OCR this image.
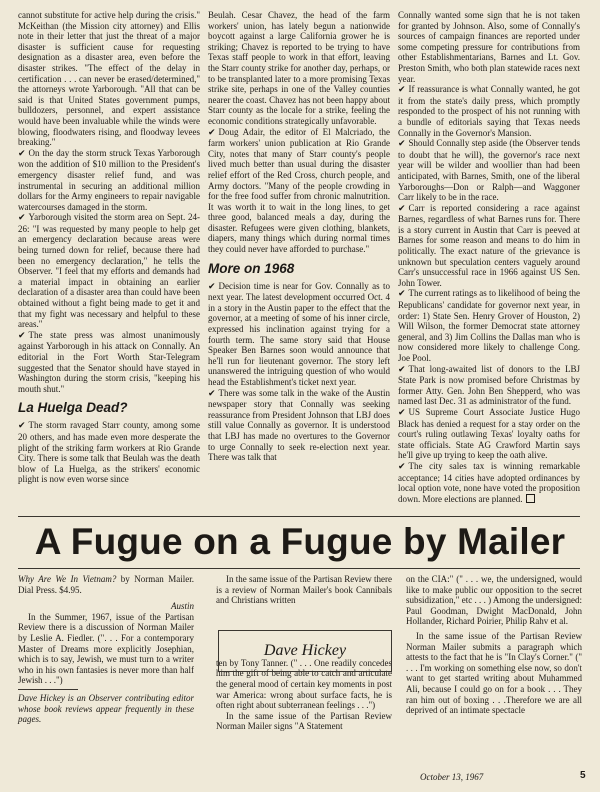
cannot substitute for active help during the crisis." McKeithan (the Mission city attorney) and Ellis note in their letter that just the threat of a major disaster is sufficient cause for requesting designation as a disaster area, even before the disaster strikes. "The effect of the delay in certification . . . can never be erased/determined," the attorneys wrote Yarborough. "All that can be said is that United States government pumps, bulldozers, personnel, and expert assistance would have been invaluable while the winds were blowing, floodwaters rising, and floodway levees breaking."

✔ On the day the storm struck Texas Yarborough won the addition of $10 million to the President's emergency disaster relief fund, and was instrumental in securing an additional million dollars for the Army engineers to repair navigable watercourses damaged in the storm.

✔ Yarborough visited the storm area on Sept. 24-26: "I was requested by many people to help get an emergency declaration because areas were being turned down for relief, because there had been no emergency declaration," he tells the Observer. "I feel that my efforts and demands had a material impact in obtaining an earlier declaration of a disaster area than could have been obtained without a fight being made to get it and that my fight was necessary and helpful to these areas."

✔ The state press was almost unanimously against Yarborough in his attack on Connally. An editorial in the Fort Worth Star-Telegram suggested that the Senator should have stayed in Washington during the storm crisis, "keeping his mouth shut."

La Huelga Dead?

✔ The storm ravaged Starr county, among some 20 others, and has made even more desperate the plight of the striking farm workers at Rio Grande City. There is some talk that Beulah was the death blow of La Huelga, as the strikers' economic plight is now even worse since

Beulah. Cesar Chavez, the head of the farm workers' union, has lately begun a nationwide boycott against a large California grower he is striking; Chavez is reported to be trying to have Texas staff people to work in that effort, leaving the Starr county strike for another day, perhaps, or to be transplanted later to a more promising Texas strike site, perhaps in one of the Valley counties nearer the coast. Chavez has not been happy about Starr county as the locale for a strike, feeling the economic conditions strategically unfavorable.

✔ Doug Adair, the editor of El Malcriado, the farm workers' union publication at Rio Grande City, notes that many of Starr county's people lived much better than usual during the disaster relief effort of the Red Cross, church people, and Army doctors. "Many of the people crowding in for the free food suffer from chronic malnutrition. It was worth it to wait in the long lines, to get three good, balanced meals a day, during the disaster. Refugees were given clothing, blankets, diapers, many things which during normal times they could never have afforded to purchase."

More on 1968

✔ Decision time is near for Gov. Connally as to next year. The latest development occurred Oct. 4 in a story in the Austin paper to the effect that the governor, at a meeting of some of his inner circle, expressed his inclination against trying for a fourth term. The same story said that House Speaker Ben Barnes soon would announce that he'll run for lieutenant governor. The story left unanswered the intriguing question of who would head the Establishment's ticket next year.

✔ There was some talk in the wake of the Austin newspaper story that Connally was seeking reassurance from President Johnson that LBJ does still value Connally as governor. It is understood that LBJ has made no overtures to the Governor to urge Connally to seek re-election next year. There was talk that

Connally wanted some sign that he is not taken for granted by Johnson. Also, some of Connally's sources of campaign finances are reported under some competing pressure for contributions from other Establishmentarians, Barnes and Lt. Gov. Preston Smith, who both plan statewide races next year.

✔ If reassurance is what Connally wanted, he got it from the state's daily press, which promptly responded to the prospect of his not running with a bundle of editorials saying that Texas needs Connally in the Governor's Mansion.

✔ Should Connally step aside (the Observer tends to doubt that he will), the governor's race next year will be wilder and woollier than had been anticipated, with Barnes, Smith, one of the liberal Yarboroughs—Don or Ralph—and Waggoner Carr likely to be in the race.

✔ Carr is reported considering a race against Barnes, regardless of what Barnes runs for. There is a story current in Austin that Carr is peeved at Barnes for some reason and means to do him in politically. The exact nature of the grievance is unknown but speculation centers vaguely around Carr's unsuccessful race in 1966 against US Sen. John Tower.

✔ The current ratings as to likelihood of being the Republicans' candidate for governor next year, in order: 1) State Sen. Henry Grover of Houston, 2) Will Wilson, the former Democrat state attorney general, and 3) Jim Collins the Dallas man who is now considered more likely to challenge Cong. Joe Pool.

✔ That long-awaited list of donors to the LBJ State Park is now promised before Christmas by former Atty. Gen. John Ben Shepperd, who was named last Dec. 31 as administrator of the fund.

✔ US Supreme Court Associate Justice Hugo Black has denied a request for a stay order on the court's ruling outlawing Texas' loyalty oaths for state officials. State AG Crawford Martin says he'll give up trying to keep the oath alive.

✔ The city sales tax is winning remarkable acceptance; 14 cities have adopted ordinances by local option vote, none have voted the proposition down. More elections are planned.

A Fugue on a Fugue by Mailer

Why Are We In Vietnam? by Norman Mailer. Dial Press. $4.95.

Austin

In the Summer, 1967, issue of the Partisan Review there is a discussion of Norman Mailer by Leslie A. Fiedler. (". . . For a contemporary Master of Dreams more explicitly Josephian, which is to say, Jewish, we must turn to a writer who in his own fantasies is never more than half Jewish . . .")

Dave Hickey is an Observer contributing editor whose book reviews appear frequently in these pages.

In the same issue of the Partisan Review there is a review of Norman Mailer's book Cannibals and Christians written

ten by Tony Tanner. (" . . . One readily concedes him the gift of being able to catch and articulate the general mood of certain key moments in post war America: wrong about surface facts, he is often right about subterranean feelings . . .")

In the same issue of the Partisan Review Norman Mailer signs "A Statement

Dave Hickey

on the CIA:" (" . . . we, the undersigned, would like to make public our opposition to the secret subsidization," etc . . . ) Among the undersigned: Paul Goodman, Dwight MacDonald, John Hollander, Richard Poirier, Philip Rahv et al.

In the same issue of the Partisan Review Norman Mailer submits a paragraph which attests to the fact that he is "In Clay's Corner." (" . . . I'm working on something else now, so don't want to get started writing about Muhammed Ali, because I could go on for a book . . . They ran him out of boxing . . .Therefore we are all deprived of an intimate spectacle

October 13, 1967	5
